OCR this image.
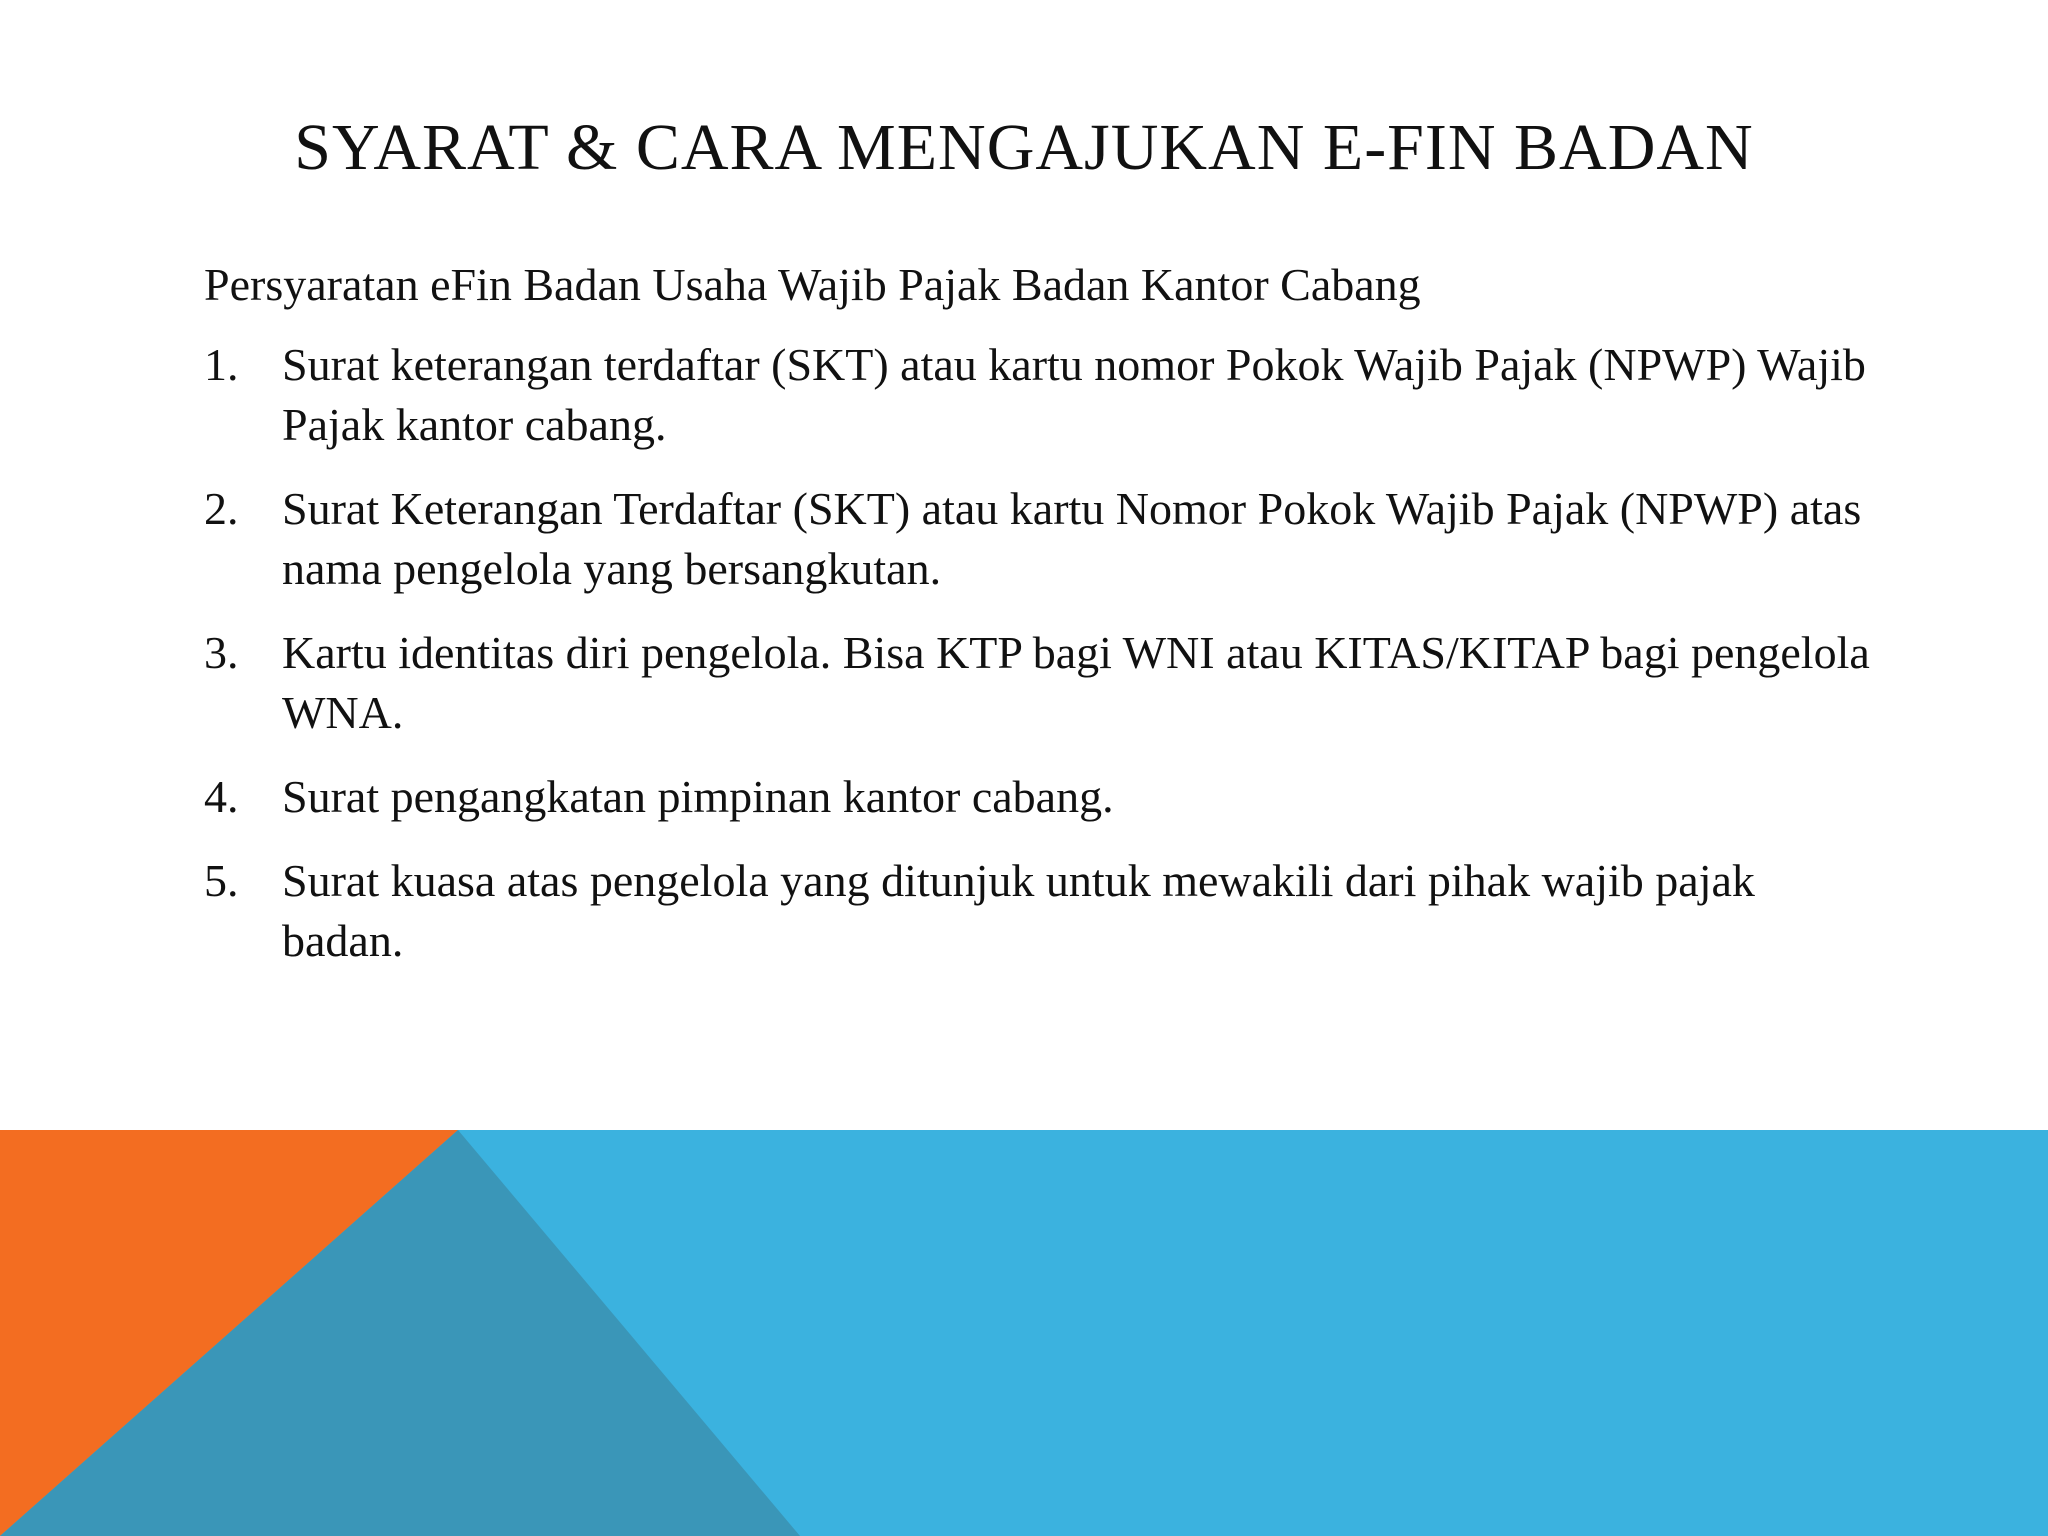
SYARAT & CARA MENGAJUKAN E-FIN BADAN

Persyaratan eFin Badan Usaha Wajib Pajak Badan Kantor Cabang

1. Surat keterangan terdaftar (SKT) atau kartu nomor Pokok Wajib Pajak (NPWP) Wajib Pajak kantor cabang.
2. Surat Keterangan Terdaftar (SKT) atau kartu Nomor Pokok Wajib Pajak (NPWP) atas nama pengelola yang bersangkutan.
3. Kartu identitas diri pengelola. Bisa KTP bagi WNI atau KITAS/KITAP bagi pengelola WNA.
4. Surat pengangkatan pimpinan kantor cabang.
5. Surat kuasa atas pengelola yang ditunjuk untuk mewakili dari pihak wajib pajak badan.
